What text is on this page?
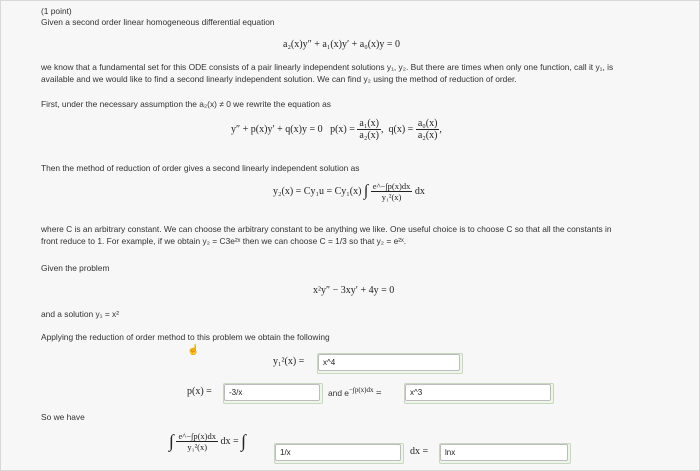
(1 point)
Given a second order linear homogeneous differential equation
a₂(x)y″ + a₁(x)y′ + a₀(x)y = 0
we know that a fundamental set for this ODE consists of a pair linearly independent solutions y₁, y₂. But there are times when only one function, call it y₁, is
available and we would like to find a second linearly independent solution. We can find y₂ using the method of reduction of order.
First, under the necessary assumption the a₂(x) ≠ 0 we rewrite the equation as
y″ + p(x)y′ + q(x)y = 0 $p(x) = \frac{\text{a₁(x)}}{\text{a₂(x)}}$ ,  $q(x) = \frac{\text{a₀(x)}}{\text{a₂(x)}}$ ,
Then the method of reduction of order gives a second linearly independent solution as
y₂(x) = Cy₁u = Cy₁(x) ∫ $\frac{e\^{}-\int p(x)dx}{\text{y₁²(x)}}$ dx
where C is an arbitrary constant. We can choose the arbitrary constant to be anything we like. One useful choice is to choose C so that all the constants in
front reduce to 1. For example, if we obtain y₂ = C3e²ˣ then we can choose C = 1/3 so that y₂ = e²ˣ.
Given the problem
x²y″ − 3xy′ + 4y = 0
and a solution y₁ = x²
Applying the reduction of order method to this problem we obtain the following
☝
y₁²(x) =
x^4
p(x) =
-3/x	and $e^{-\int p(x)dx}$ =
x^3
So we have
∫ $\frac{e\^{}-\int p(x)dx}{\text{y₁²(x)}}$ dx = ∫
1/x
dx =
lnx
